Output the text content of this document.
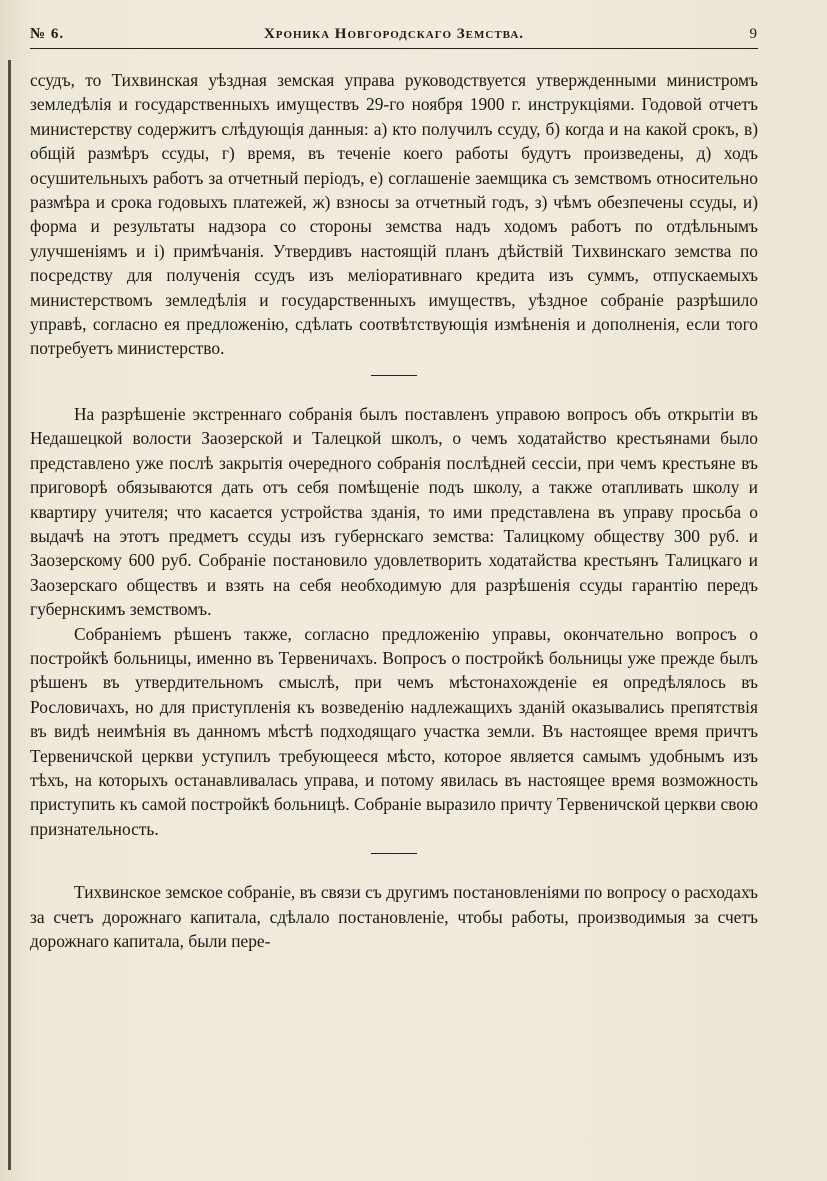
№ 6.	Хроника Новгородскаго Земства.	9

ссудъ, то Тихвинская уѣздная земская управа руководствуется утвержденными министромъ земледѣлія и государственныхъ имуществъ 29-го ноября 1900 г. инструкціями. Годовой отчетъ министерству содержитъ слѣдующія данныя: а) кто получилъ ссуду, б) когда и на какой срокъ, в) общій размѣръ ссуды, г) время, въ теченіе коего работы будутъ произведены, д) ходъ осушительныхъ работъ за отчетный періодъ, е) соглашеніе заемщика съ земствомъ относительно размѣра и срока годовыхъ платежей, ж) взносы за отчетный годъ, з) чѣмъ обезпечены ссуды, и) форма и результаты надзора со стороны земства надъ ходомъ работъ по отдѣльнымъ улучшеніямъ и і) примѣчанія. Утвердивъ настоящій планъ дѣйствій Тихвинскаго земства по посредству для полученія ссудъ изъ меліоративнаго кредита изъ суммъ, отпускаемыхъ министерствомъ земледѣлія и государственныхъ имуществъ, уѣздное собраніе разрѣшило управѣ, согласно ея предложенію, сдѣлать соотвѣтствующія измѣненія и дополненія, если того потребуетъ министерство.

На разрѣшеніе экстреннаго собранія былъ поставленъ управою вопросъ объ открытіи въ Недашецкой волости Заозерской и Талецкой школъ, о чемъ ходатайство крестьянами было представлено уже послѣ закрытія очередного собранія послѣдней сессіи, при чемъ крестьяне въ приговорѣ обязываются дать отъ себя помѣщеніе подъ школу, а также отапливать школу и квартиру учителя; что касается устройства зданія, то ими представлена въ управу просьба о выдачѣ на этотъ предметъ ссуды изъ губернскаго земства: Талицкому обществу 300 руб. и Заозерскому 600 руб. Собраніе постановило удовлетворить ходатайства крестьянъ Талицкаго и Заозерскаго обществъ и взять на себя необходимую для разрѣшенія ссуды гарантію передъ губернскимъ земствомъ.

Собраніемъ рѣшенъ также, согласно предложенію управы, окончательно вопросъ о постройкѣ больницы, именно въ Тервеничахъ. Вопросъ о постройкѣ больницы уже прежде былъ рѣшенъ въ утвердительномъ смыслѣ, при чемъ мѣстонахожденіе ея опредѣлялось въ Рословичахъ, но для приступленія къ возведенію надлежащихъ зданій оказывались препятствія въ видѣ неимѣнія въ данномъ мѣстѣ подходящаго участка земли. Въ настоящее время причтъ Тервеничской церкви уступилъ требующееся мѣсто, которое является самымъ удобнымъ изъ тѣхъ, на которыхъ останавливалась управа, и потому явилась въ настоящее время возможность приступить къ самой постройкѣ больницѣ. Собраніе выразило причту Тервеничской церкви свою признательность.

Тихвинское земское собраніе, въ связи съ другимъ постановленіями по вопросу о расходахъ за счетъ дорожнаго капитала, сдѣлало постановленіе, чтобы работы, производимыя за счетъ дорожнаго капитала, были пере-
